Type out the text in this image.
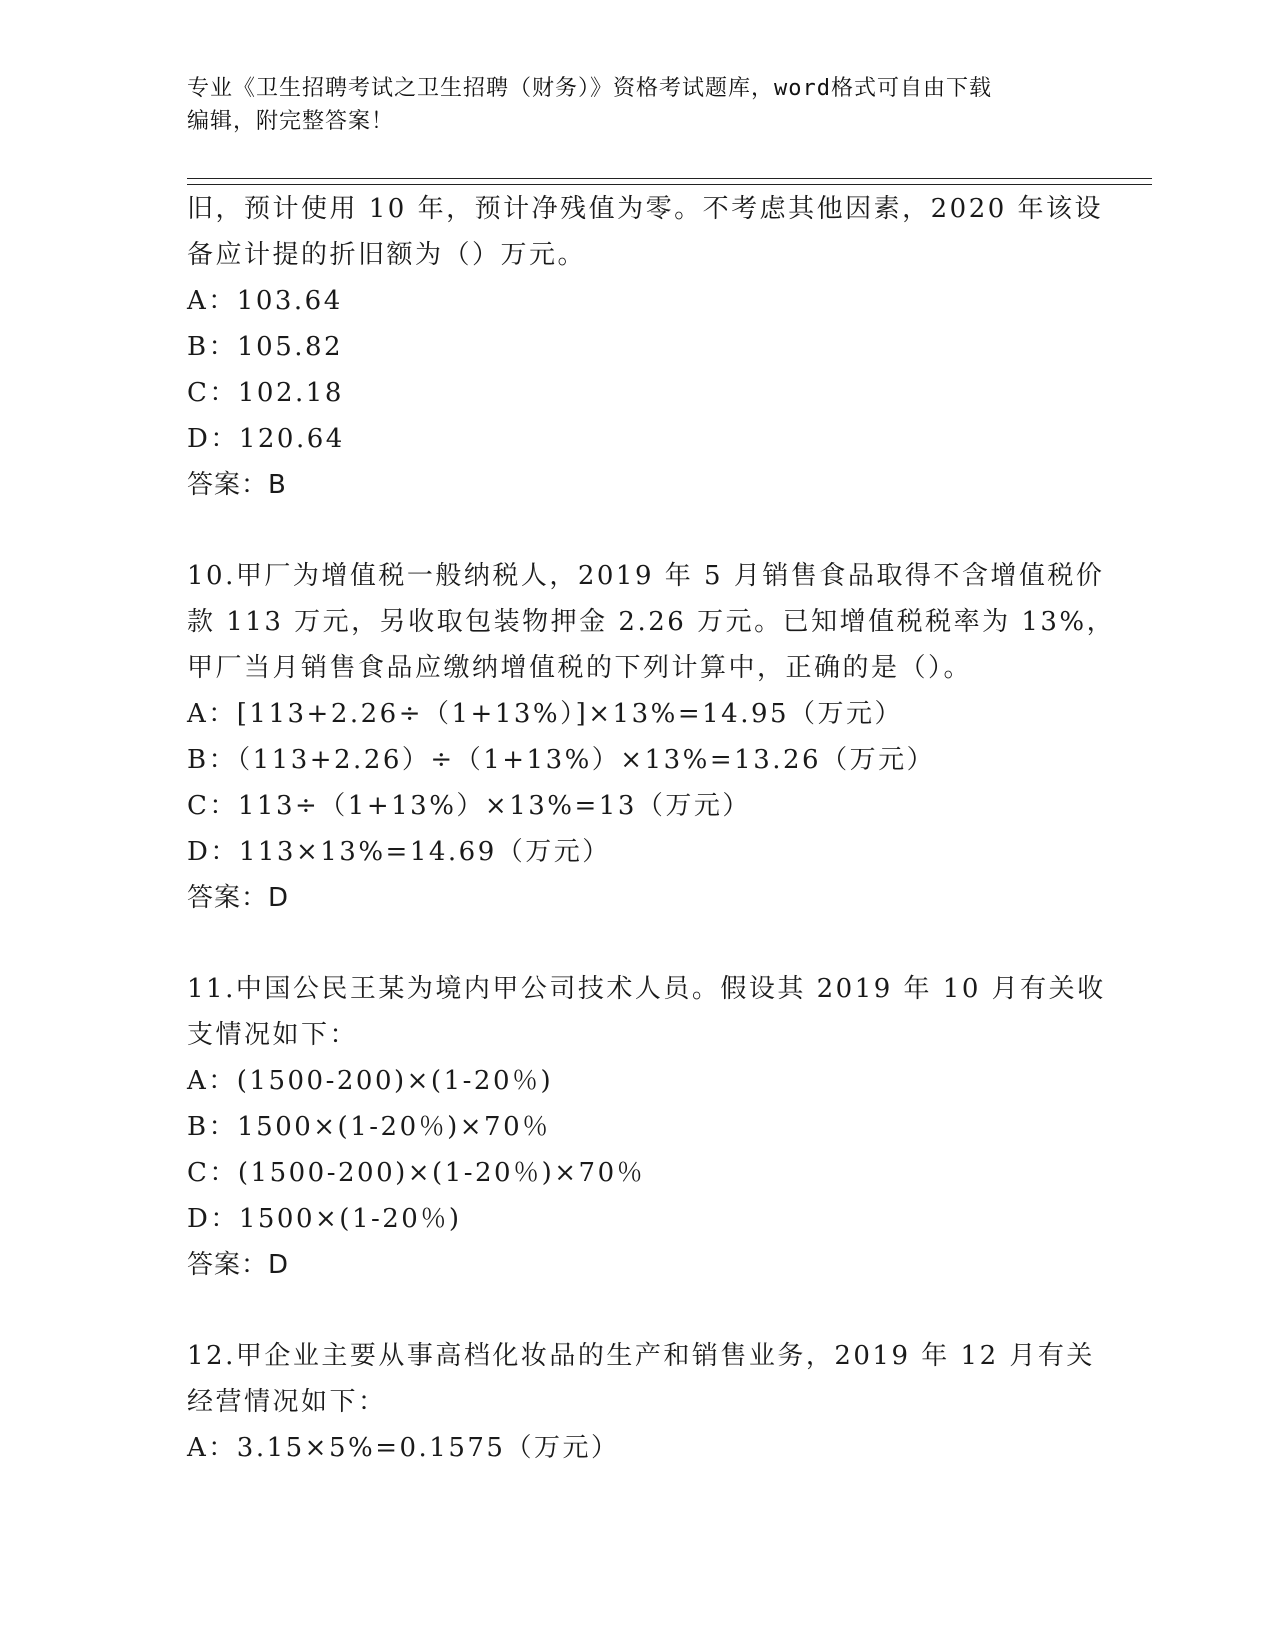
专业《卫生招聘考试之卫生招聘（财务）》资格考试题库，word格式可自由下载
编辑，附完整答案！
旧，预计使用 10 年，预计净残值为零。不考虑其他因素，2020 年该设
备应计提的折旧额为（）万元。
A：103.64
B：105.82
C：102.18
D：120.64
答案：B
10.甲厂为增值税一般纳税人，2019 年 5 月销售食品取得不含增值税价
款 113 万元，另收取包装物押金 2.26 万元。已知增值税税率为 13%，
甲厂当月销售食品应缴纳增值税的下列计算中，正确的是（）。
A：[113+2.26÷（1+13%）]×13%=14.95（万元）
B：（113+2.26）÷（1+13%）×13%=13.26（万元）
C：113÷（1+13%）×13%=13（万元）
D：113×13%=14.69（万元）
答案：D
11.中国公民王某为境内甲公司技术人员。假设其 2019 年 10 月有关收
支情况如下：
A：(1500-200)×(1-20％)
B：1500×(1-20％)×70％
C：(1500-200)×(1-20％)×70％
D：1500×(1-20％)
答案：D
12.甲企业主要从事高档化妆品的生产和销售业务，2019 年 12 月有关
经营情况如下：
A：3.15×5%=0.1575（万元）
